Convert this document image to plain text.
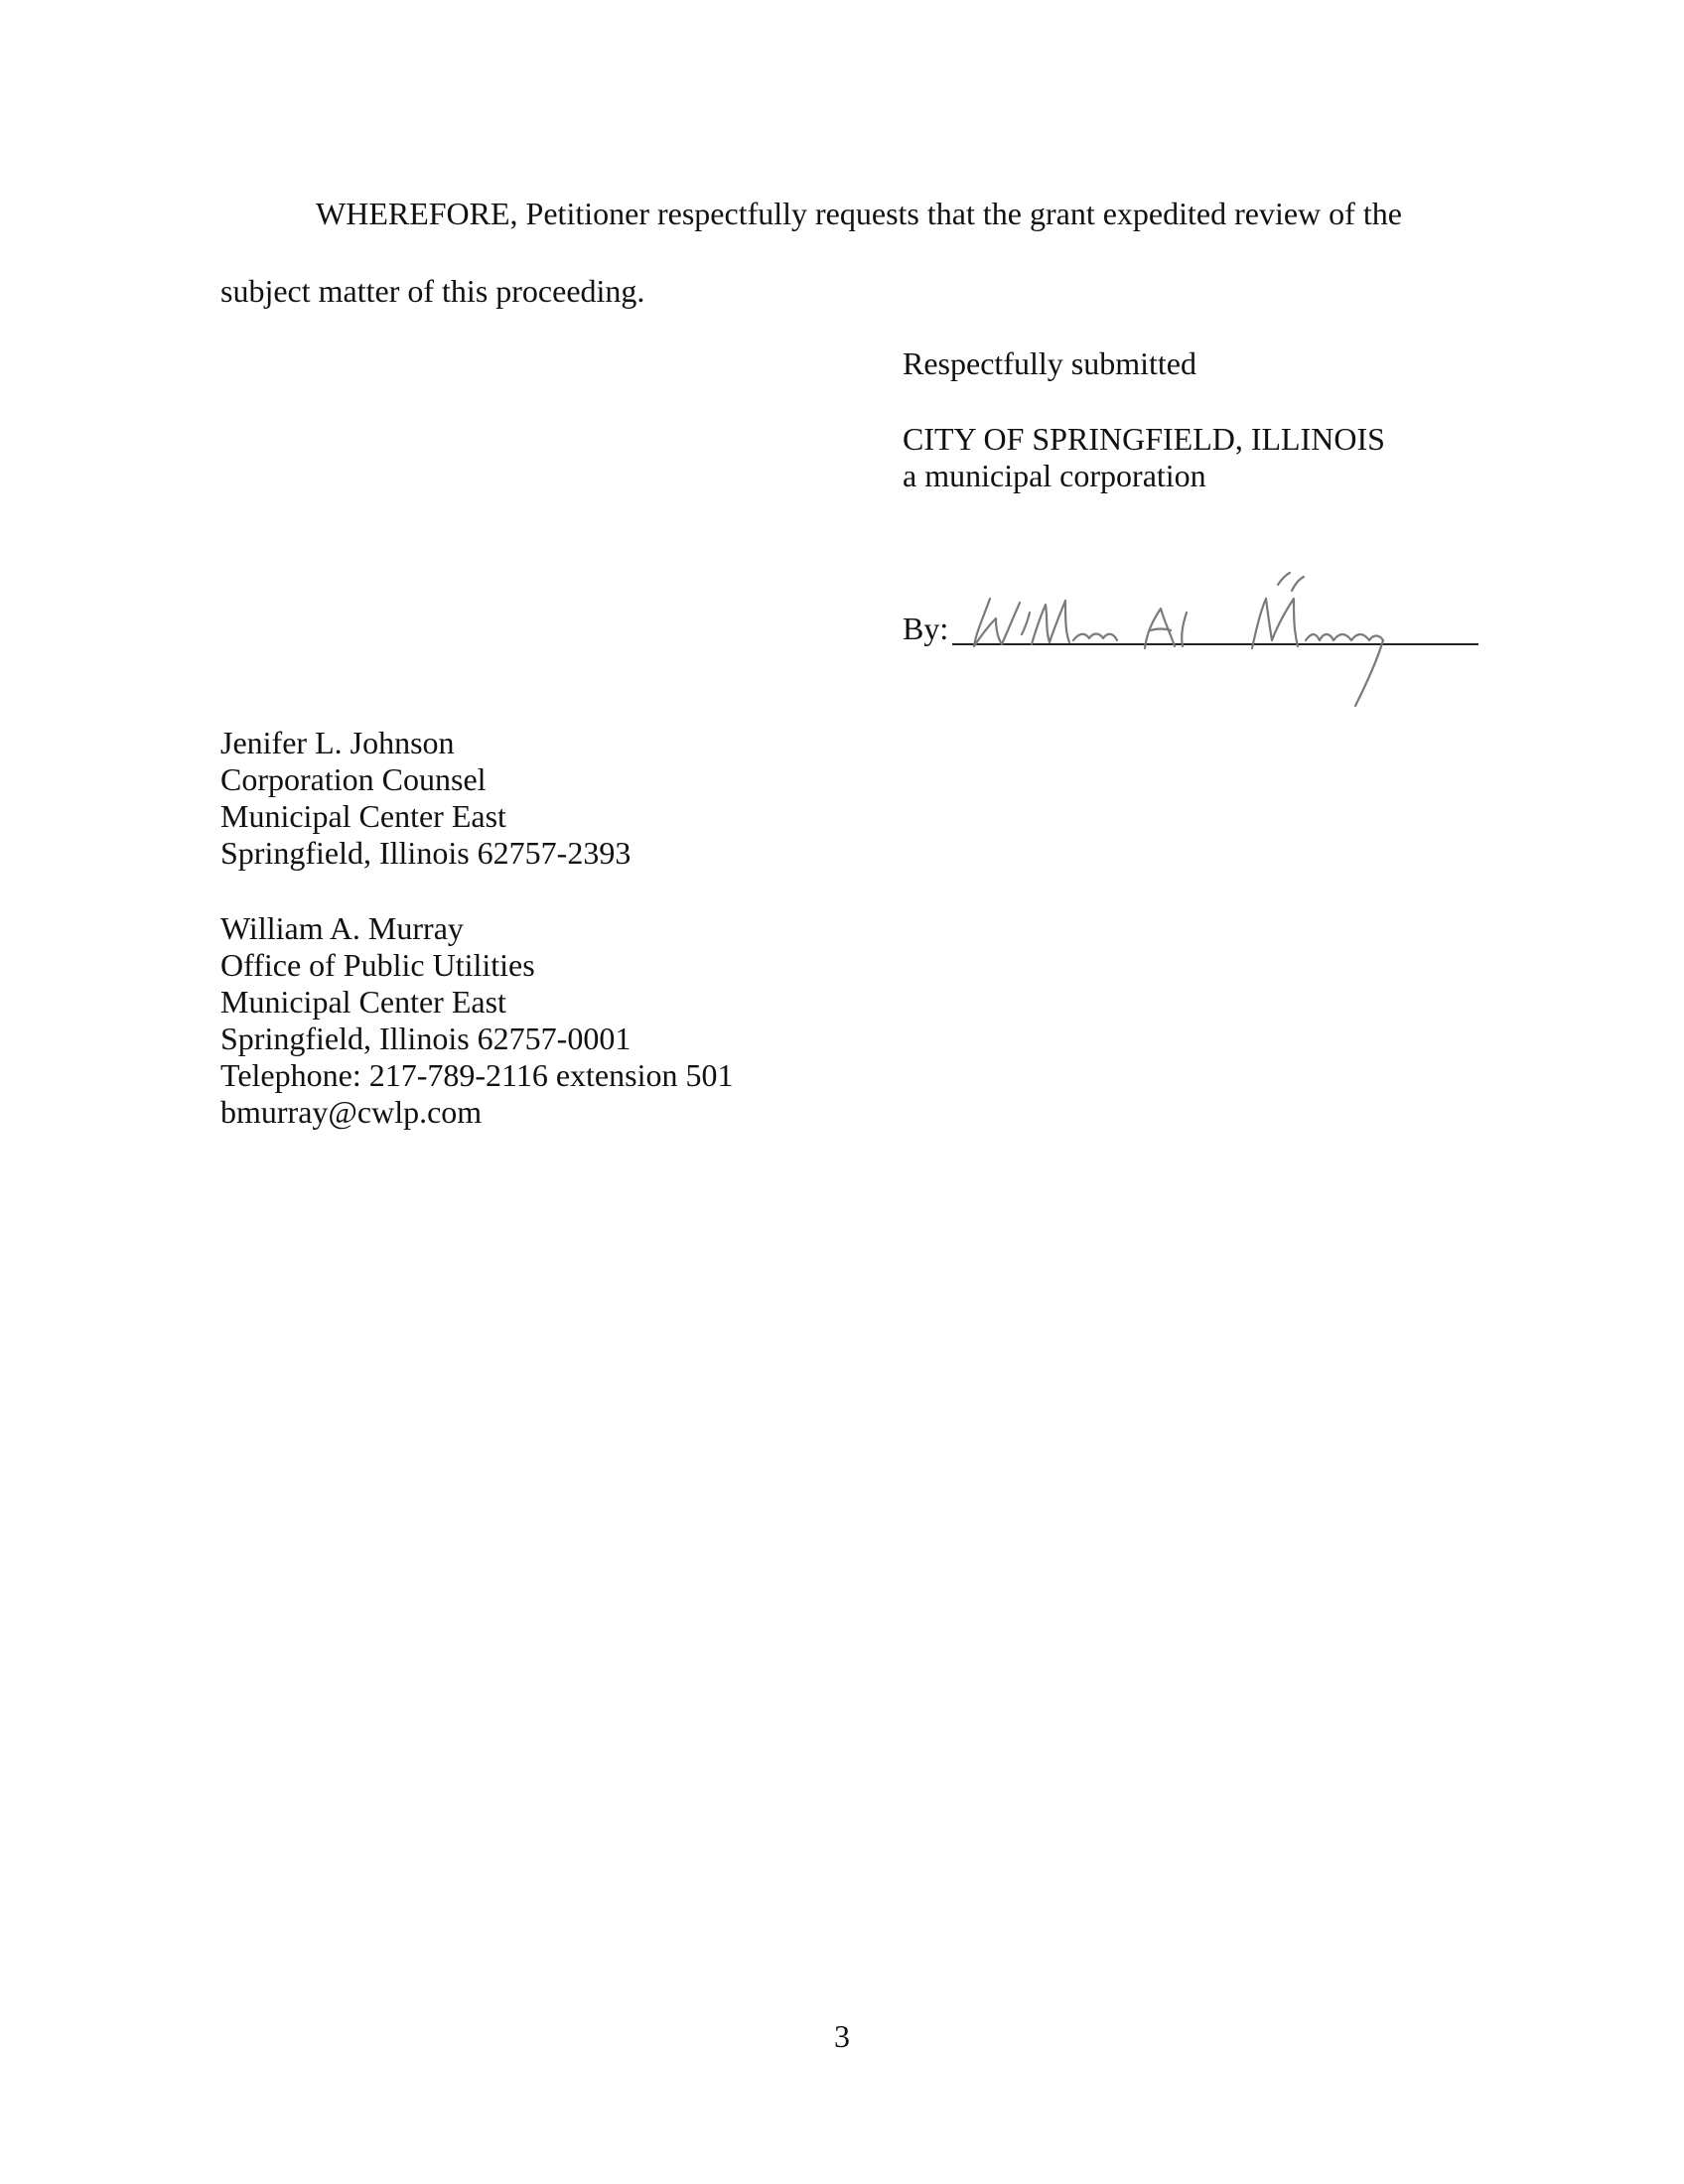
WHEREFORE, Petitioner respectfully requests that the grant expedited review of the
subject matter of this proceeding.
Respectfully submitted
CITY OF SPRINGFIELD, ILLINOIS
a municipal corporation
By:
Jenifer L. Johnson
Corporation Counsel
Municipal Center East
Springfield, Illinois 62757-2393
William A. Murray
Office of Public Utilities
Municipal Center East
Springfield, Illinois 62757-0001
Telephone: 217-789-2116 extension 501
bmurray@cwlp.com
3
